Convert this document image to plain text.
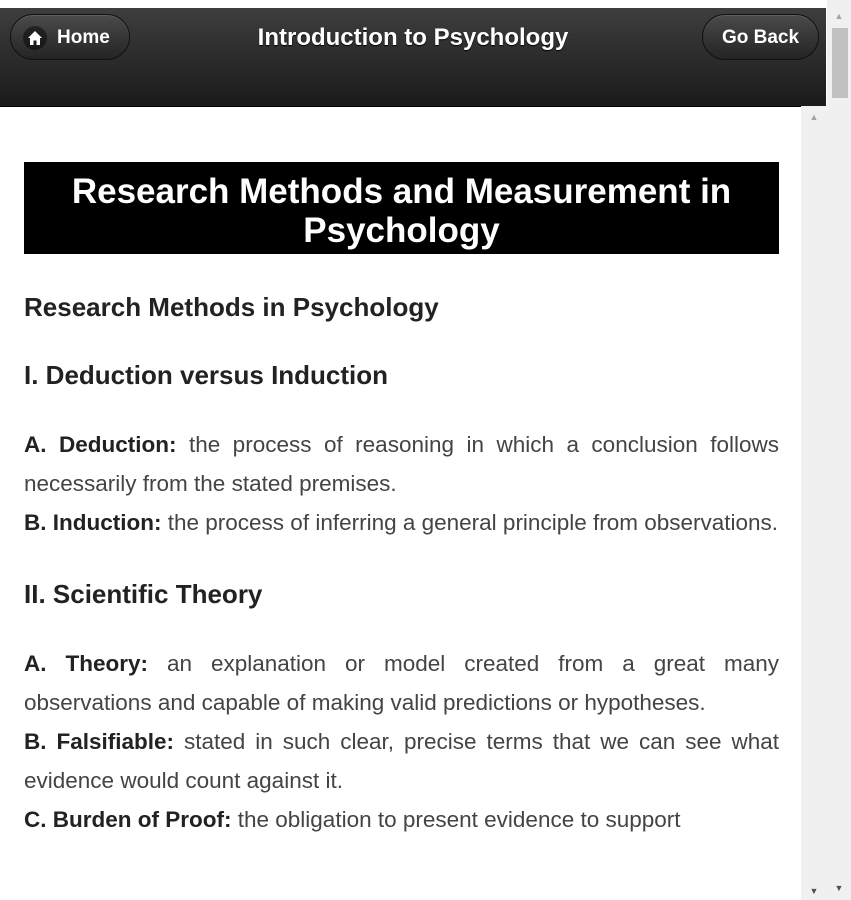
Home	Introduction to Psychology	Go Back
Research Methods and Measurement in Psychology
Research Methods in Psychology
I. Deduction versus Induction

A. Deduction: the process of reasoning in which a conclusion follows necessarily from the stated premises.

B. Induction: the process of inferring a general principle from observations.

II. Scientific Theory

A. Theory: an explanation or model created from a great many observations and capable of making valid predictions or hypotheses.

B. Falsifiable: stated in such clear, precise terms that we can see what evidence would count against it.

C. Burden of Proof: the obligation to present evidence to support

▲
▼
▲
▼
